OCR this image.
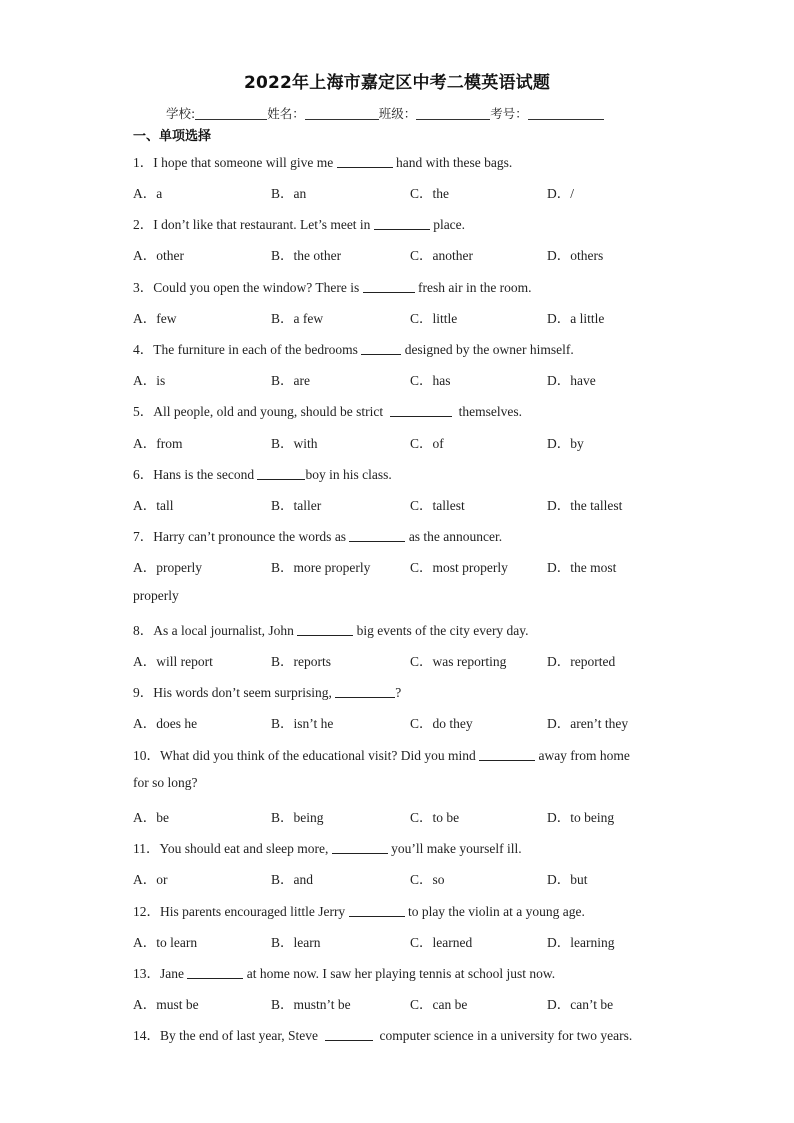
2022年上海市嘉定区中考二模英语试题
学校:	姓名：	班级：	考号：
一、单项选择
1．I hope that someone will give me	hand with these bags.
A．a	B．an	C．the	D．/
2．I don’t like that restaurant. Let’s meet in	place.
A．other	B．the other	C．another	D．others
3．Could you open the window? There is	fresh air in the room.
A．few	B．a few	C．little	D．a little
4．The furniture in each of the bedrooms	designed by the owner himself.
A．is	B．are	C．has	D．have
5．All people, old and young, should be strict	themselves.
A．from	B．with	C．of	D．by
6．Hans is the second	boy in his class.
A．tall	B．taller	C．tallest	D．the tallest
7．Harry can’t pronounce the words as	as the announcer.
A．properly	B．more properly	C．most properly	D．the most
properly
8．As a local journalist, John	big events of the city every day.
A．will report	B．reports	C．was reporting	D．reported
9．His words don’t seem surprising,	?
A．does he	B．isn’t he	C．do they	D．aren’t they
10．What did you think of the educational visit? Did you mind	away from home
for so long?
A．be	B．being	C．to be	D．to being
11．You should eat and sleep more,	you’ll make yourself ill.
A．or	B．and	C．so	D．but
12．His parents encouraged little Jerry	to play the violin at a young age.
A．to learn	B．learn	C．learned	D．learning
13．Jane	at home now. I saw her playing tennis at school just now.
A．must be	B．mustn’t be	C．can be	D．can’t be
14．By the end of last year, Steve	computer science in a university for two years.
